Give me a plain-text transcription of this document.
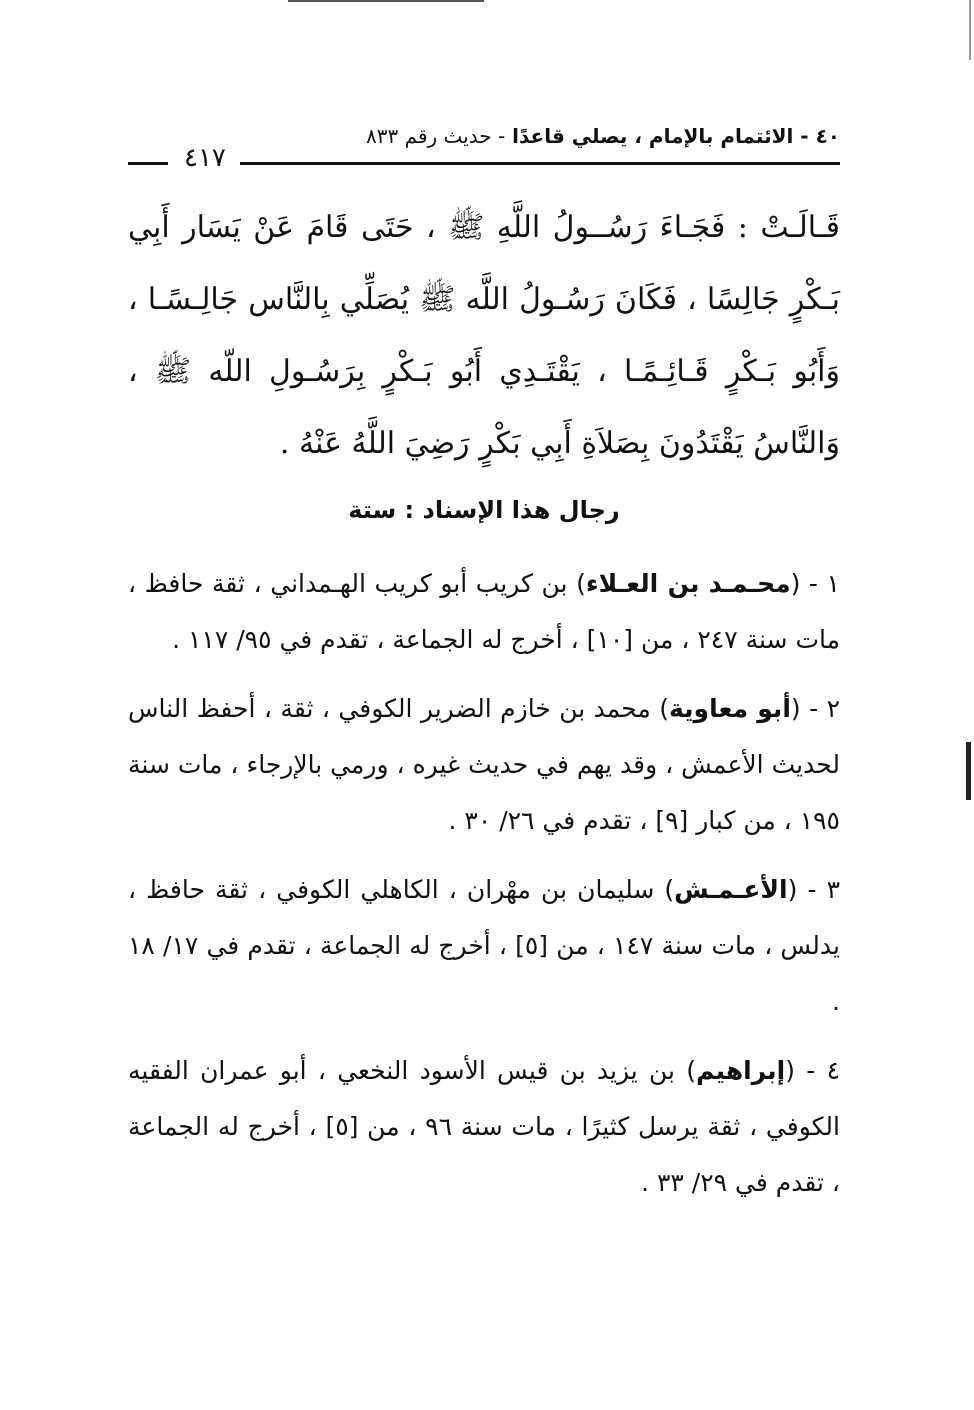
٤٠ - الائتمام بالإمام ، يصلي قاعدًا - حديث رقم ٨٣٣
٤١٧
قَـالَـتْ : فَجَـاءَ رَسُــولُ اللَّهِ ﷺ ، حَتَى قَامَ عَنْ يَسَار أَبِي بَـكْرٍ جَالِسًا ، فَكَانَ رَسُـولُ اللَّه ﷺ يُصَلِّي بِالنَّاس جَالِـسًـا ، وَأَبُو بَـكْرٍ قَـائِـمًـا ، يَقْتَـدِي أَبُو بَـكْرٍ بِرَسُـولِ اللّه ﷺ ، وَالنَّاسُ يَقْتَدُونَ بِصَلاَةِ أَبِي بَكْرٍ رَضِيَ اللَّهُ عَنْهُ .
رجال هذا الإسناد : ستة

١ - (محـمـد بن العـلاء) بن كريب أبو كريب الهـمداني ، ثقة حافظ ، مات سنة ٢٤٧ ، من [١٠] ، أخرج له الجماعة ، تقدم في ٩٥/ ١١٧ .

٢ - (أبو معاوية) محمد بن خازم الضرير الكوفي ، ثقة ، أحفظ الناس لحديث الأعمش ، وقد يهم في حديث غيره ، ورمي بالإرجاء ، مات سنة ١٩٥ ، من كبار [٩] ، تقدم في ٢٦/ ٣٠ .

٣ - (الأعـمـش) سليمان بن مهْران ، الكاهلي الكوفي ، ثقة حافظ ، يدلس ، مات سنة ١٤٧ ، من [٥] ، أخرج له الجماعة ، تقدم في ١٧/ ١٨ .

٤ - (إبراهيم) بن يزيد بن قيس الأسود النخعي ، أبو عمران الفقيه الكوفي ، ثقة يرسل كثيرًا ، مات سنة ٩٦ ، من [٥] ، أخرج له الجماعة ، تقدم في ٢٩/ ٣٣ .
